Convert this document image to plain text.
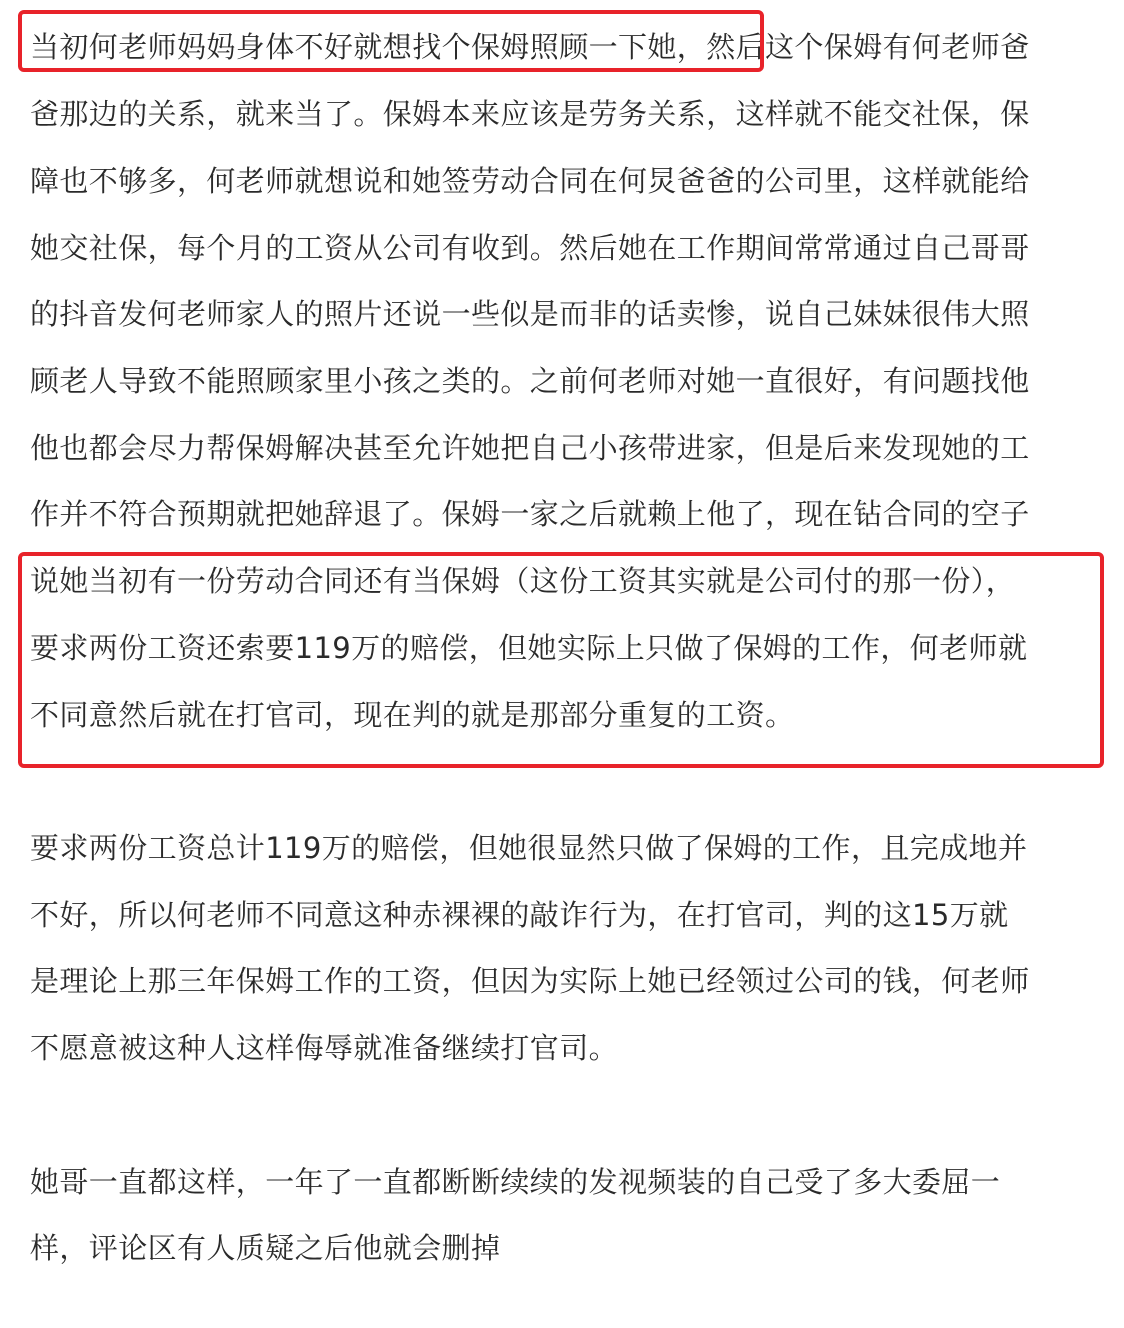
当初何老师妈妈身体不好就想找个保姆照顾一下她，然后这个保姆有何老师爸
爸那边的关系，就来当了。保姆本来应该是劳务关系，这样就不能交社保，保
障也不够多，何老师就想说和她签劳动合同在何炅爸爸的公司里，这样就能给
她交社保，每个月的工资从公司有收到。然后她在工作期间常常通过自己哥哥
的抖音发何老师家人的照片还说一些似是而非的话卖惨，说自己妹妹很伟大照
顾老人导致不能照顾家里小孩之类的。之前何老师对她一直很好，有问题找他
他也都会尽力帮保姆解决甚至允许她把自己小孩带进家，但是后来发现她的工
作并不符合预期就把她辞退了。保姆一家之后就赖上他了，现在钻合同的空子
说她当初有一份劳动合同还有当保姆（这份工资其实就是公司付的那一份），
要求两份工资还索要119万的赔偿，但她实际上只做了保姆的工作，何老师就
不同意然后就在打官司，现在判的就是那部分重复的工资。
要求两份工资总计119万的赔偿，但她很显然只做了保姆的工作，且完成地并
不好，所以何老师不同意这种赤裸裸的敲诈行为，在打官司，判的这15万就
是理论上那三年保姆工作的工资，但因为实际上她已经领过公司的钱，何老师
不愿意被这种人这样侮辱就准备继续打官司。
她哥一直都这样，一年了一直都断断续续的发视频装的自己受了多大委屈一
样，评论区有人质疑之后他就会删掉
